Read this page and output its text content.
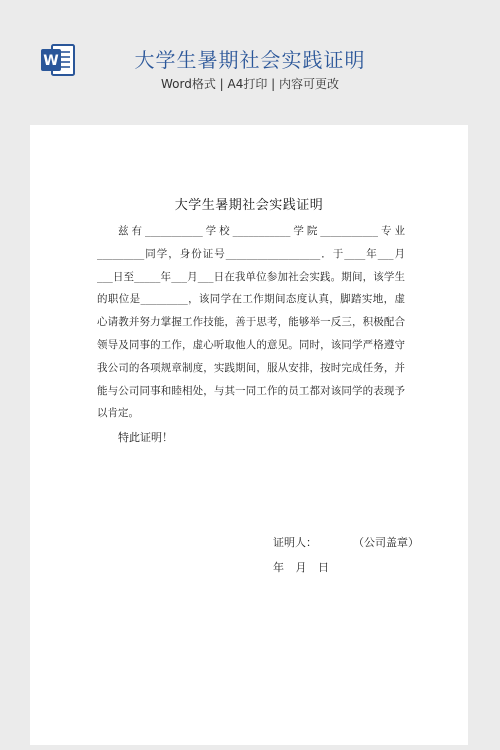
W	大学生暑期社会实践证明
Word格式 | A4打印 | 内容可更改
大学生暑期社会实践证明

兹有___________学校___________学院___________专业_________同学，身份证号__________________．于____年___月___日至_____年___月___日在我单位参加社会实践。期间，该学生的职位是_________，该同学在工作期间态度认真，脚踏实地，虚心请教并努力掌握工作技能，善于思考，能够举一反三，积极配合领导及同事的工作，虚心听取他人的意见。同时，该同学严格遵守我公司的各项规章制度，实践期间，服从安排，按时完成任务，并能与公司同事和睦相处，与其一同工作的员工都对该同学的表现予以肯定。

特此证明！
证明人：	（公司盖章）
年 月 日
